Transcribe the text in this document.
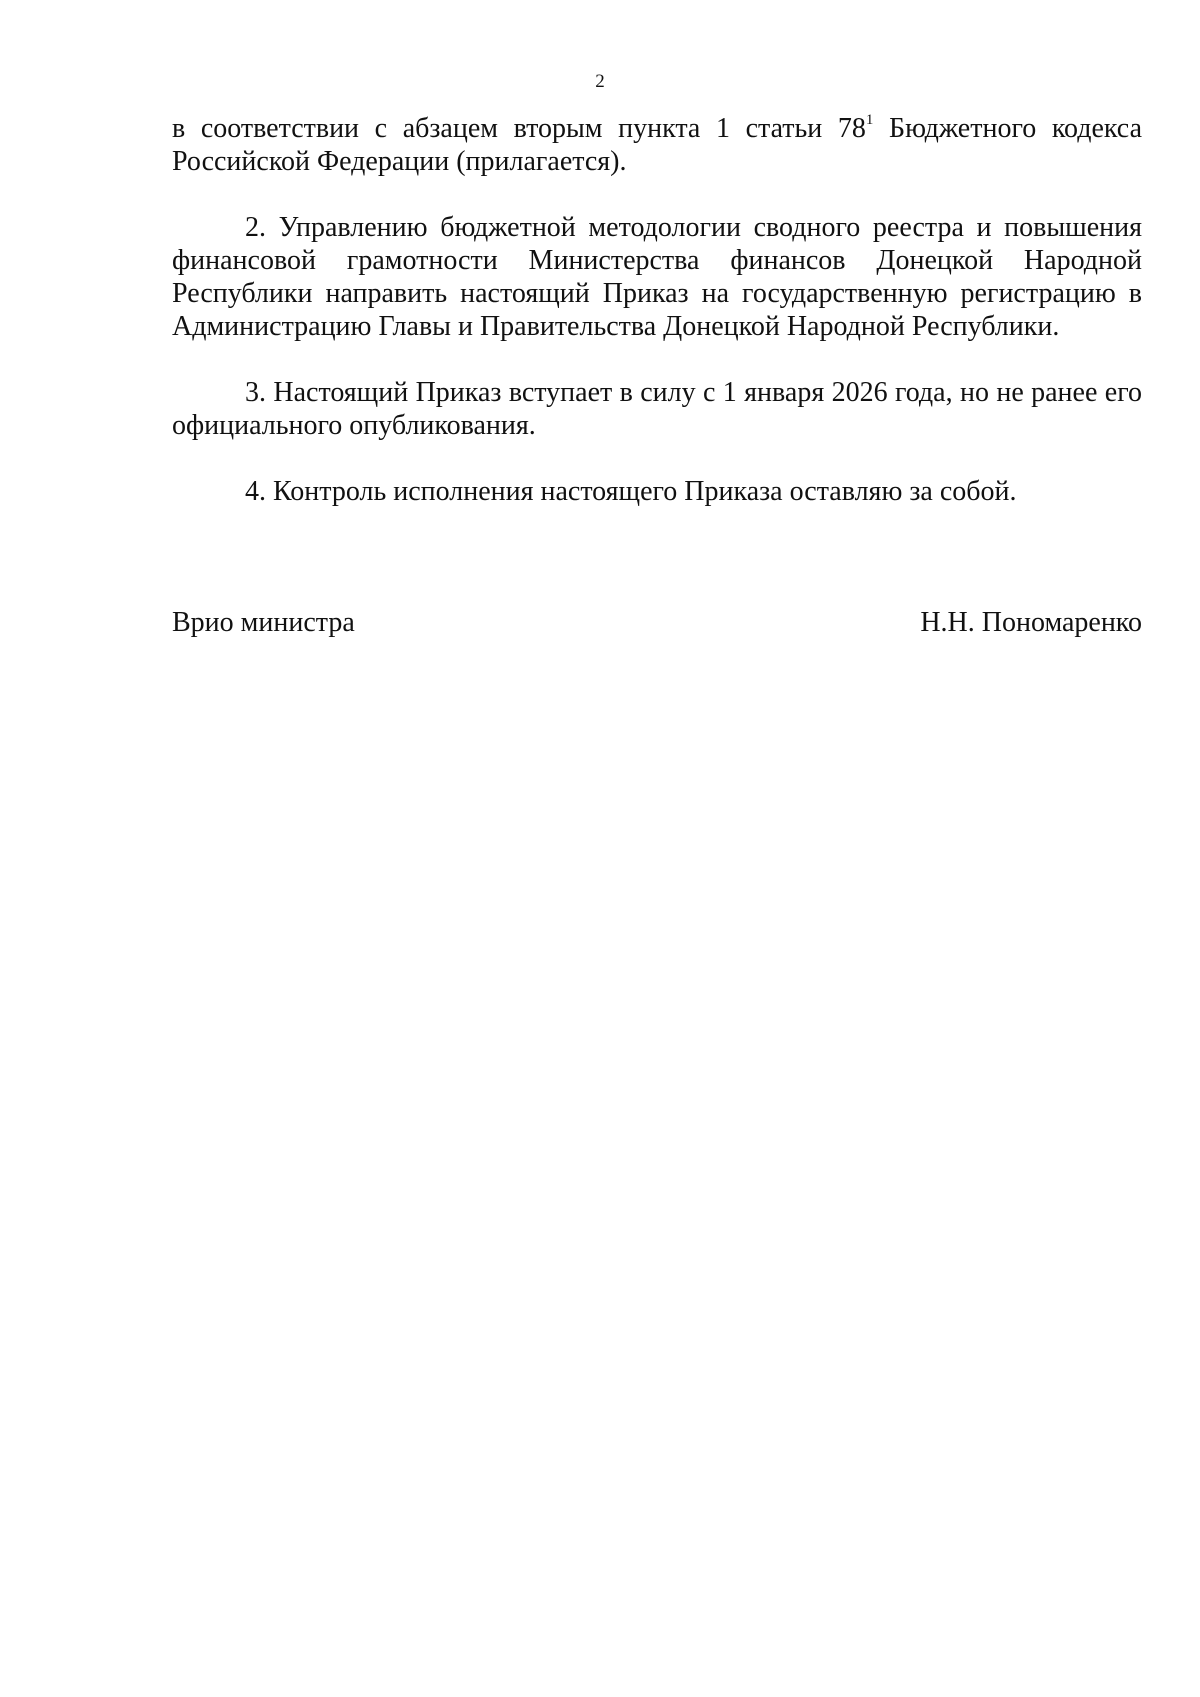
2

в соответствии с абзацем вторым пункта 1 статьи 78$^1$ Бюджетного кодекса Российской Федерации (прилагается).

2. Управлению бюджетной методологии сводного реестра и повышения финансовой грамотности Министерства финансов Донецкой Народной Республики направить настоящий Приказ на государственную регистрацию в Администрацию Главы и Правительства Донецкой Народной Республики.

3. Настоящий Приказ вступает в силу с 1 января 2026 года, но не ранее его официального опубликования.

4. Контроль исполнения настоящего Приказа оставляю за собой.

Врио министра	Н.Н. Пономаренко
